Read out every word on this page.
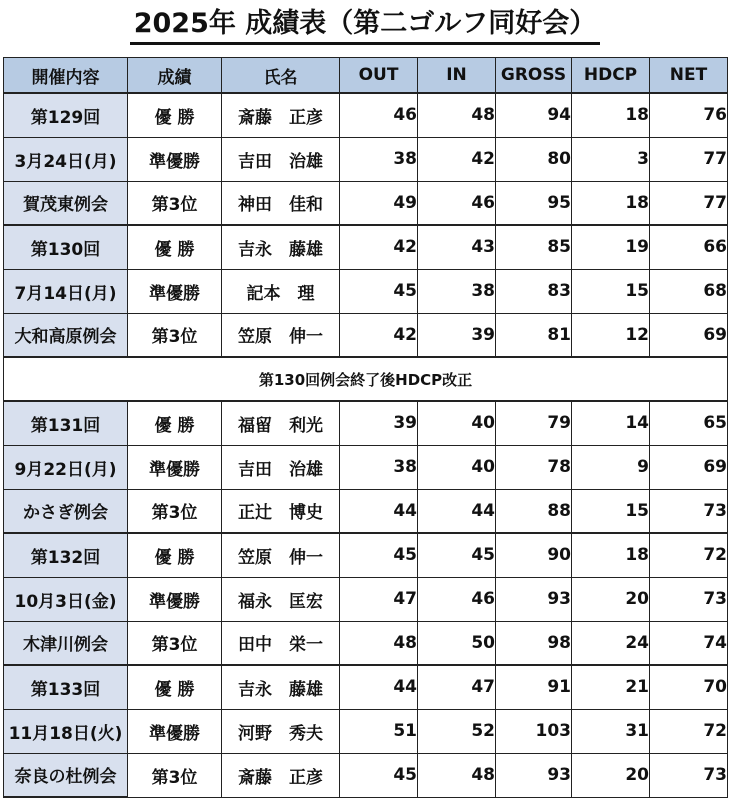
2025年 成績表（第二ゴルフ同好会）
開催内容	成績	氏名	OUT	IN	GROSS	HDCP	NET
第129回	優 勝	斎藤　正彦	46	48	94	18	76
3月24日(月)	準優勝	吉田　治雄	38	42	80	3	77
賀茂東例会	第3位	神田　佳和	49	46	95	18	77
第130回	優 勝	吉永　藤雄	42	43	85	19	66
7月14日(月)	準優勝	記本　理	45	38	83	15	68
大和高原例会	第3位	笠原　伸一	42	39	81	12	69
第130回例会終了後HDCP改正							
第131回	優 勝	福留　利光	39	40	79	14	65
9月22日(月)	準優勝	吉田　治雄	38	40	78	9	69
かさぎ例会	第3位	正辻　博史	44	44	88	15	73
第132回	優 勝	笠原　伸一	45	45	90	18	72
10月3日(金)	準優勝	福永　匡宏	47	46	93	20	73
木津川例会	第3位	田中　栄一	48	50	98	24	74
第133回	優 勝	吉永　藤雄	44	47	91	21	70
11月18日(火)	準優勝	河野　秀夫	51	52	103	31	72
奈良の杜例会	第3位	斎藤　正彦	45	48	93	20	73
